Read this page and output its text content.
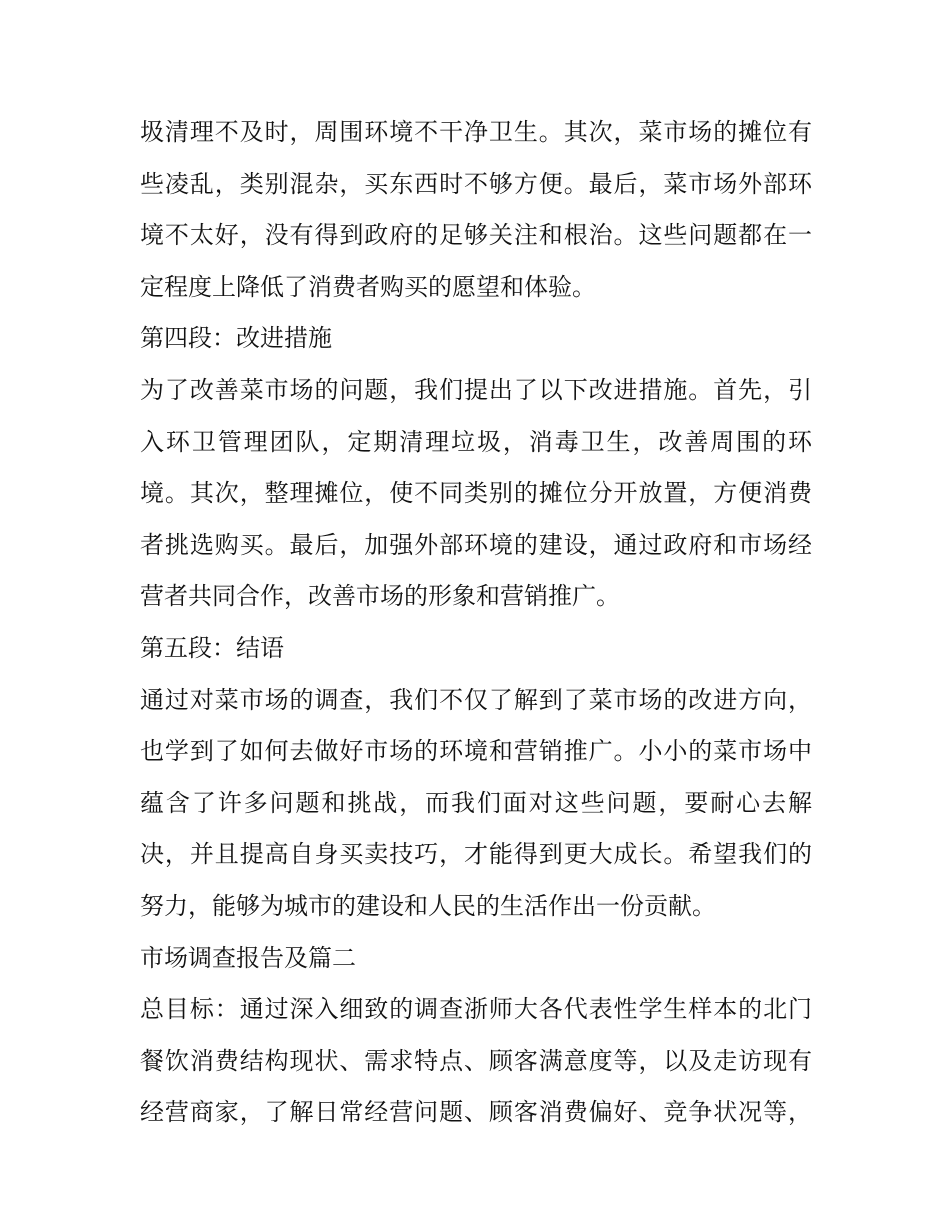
圾清理不及时，周围环境不干净卫生。其次，菜市场的摊位有
些凌乱，类别混杂，买东西时不够方便。最后，菜市场外部环
境不太好，没有得到政府的足够关注和根治。这些问题都在一
定程度上降低了消费者购买的愿望和体验。
第四段：改进措施
为了改善菜市场的问题，我们提出了以下改进措施。首先，引
入环卫管理团队，定期清理垃圾，消毒卫生，改善周围的环
境。其次，整理摊位，使不同类别的摊位分开放置，方便消费
者挑选购买。最后，加强外部环境的建设，通过政府和市场经
营者共同合作，改善市场的形象和营销推广。
第五段：结语
通过对菜市场的调查，我们不仅了解到了菜市场的改进方向，
也学到了如何去做好市场的环境和营销推广。小小的菜市场中
蕴含了许多问题和挑战，而我们面对这些问题，要耐心去解
决，并且提高自身买卖技巧，才能得到更大成长。希望我们的
努力，能够为城市的建设和人民的生活作出一份贡献。
市场调查报告及篇二
总目标：通过深入细致的调查浙师大各代表性学生样本的北门
餐饮消费结构现状、需求特点、顾客满意度等，以及走访现有
经营商家，了解日常经营问题、顾客消费偏好、竞争状况等，
